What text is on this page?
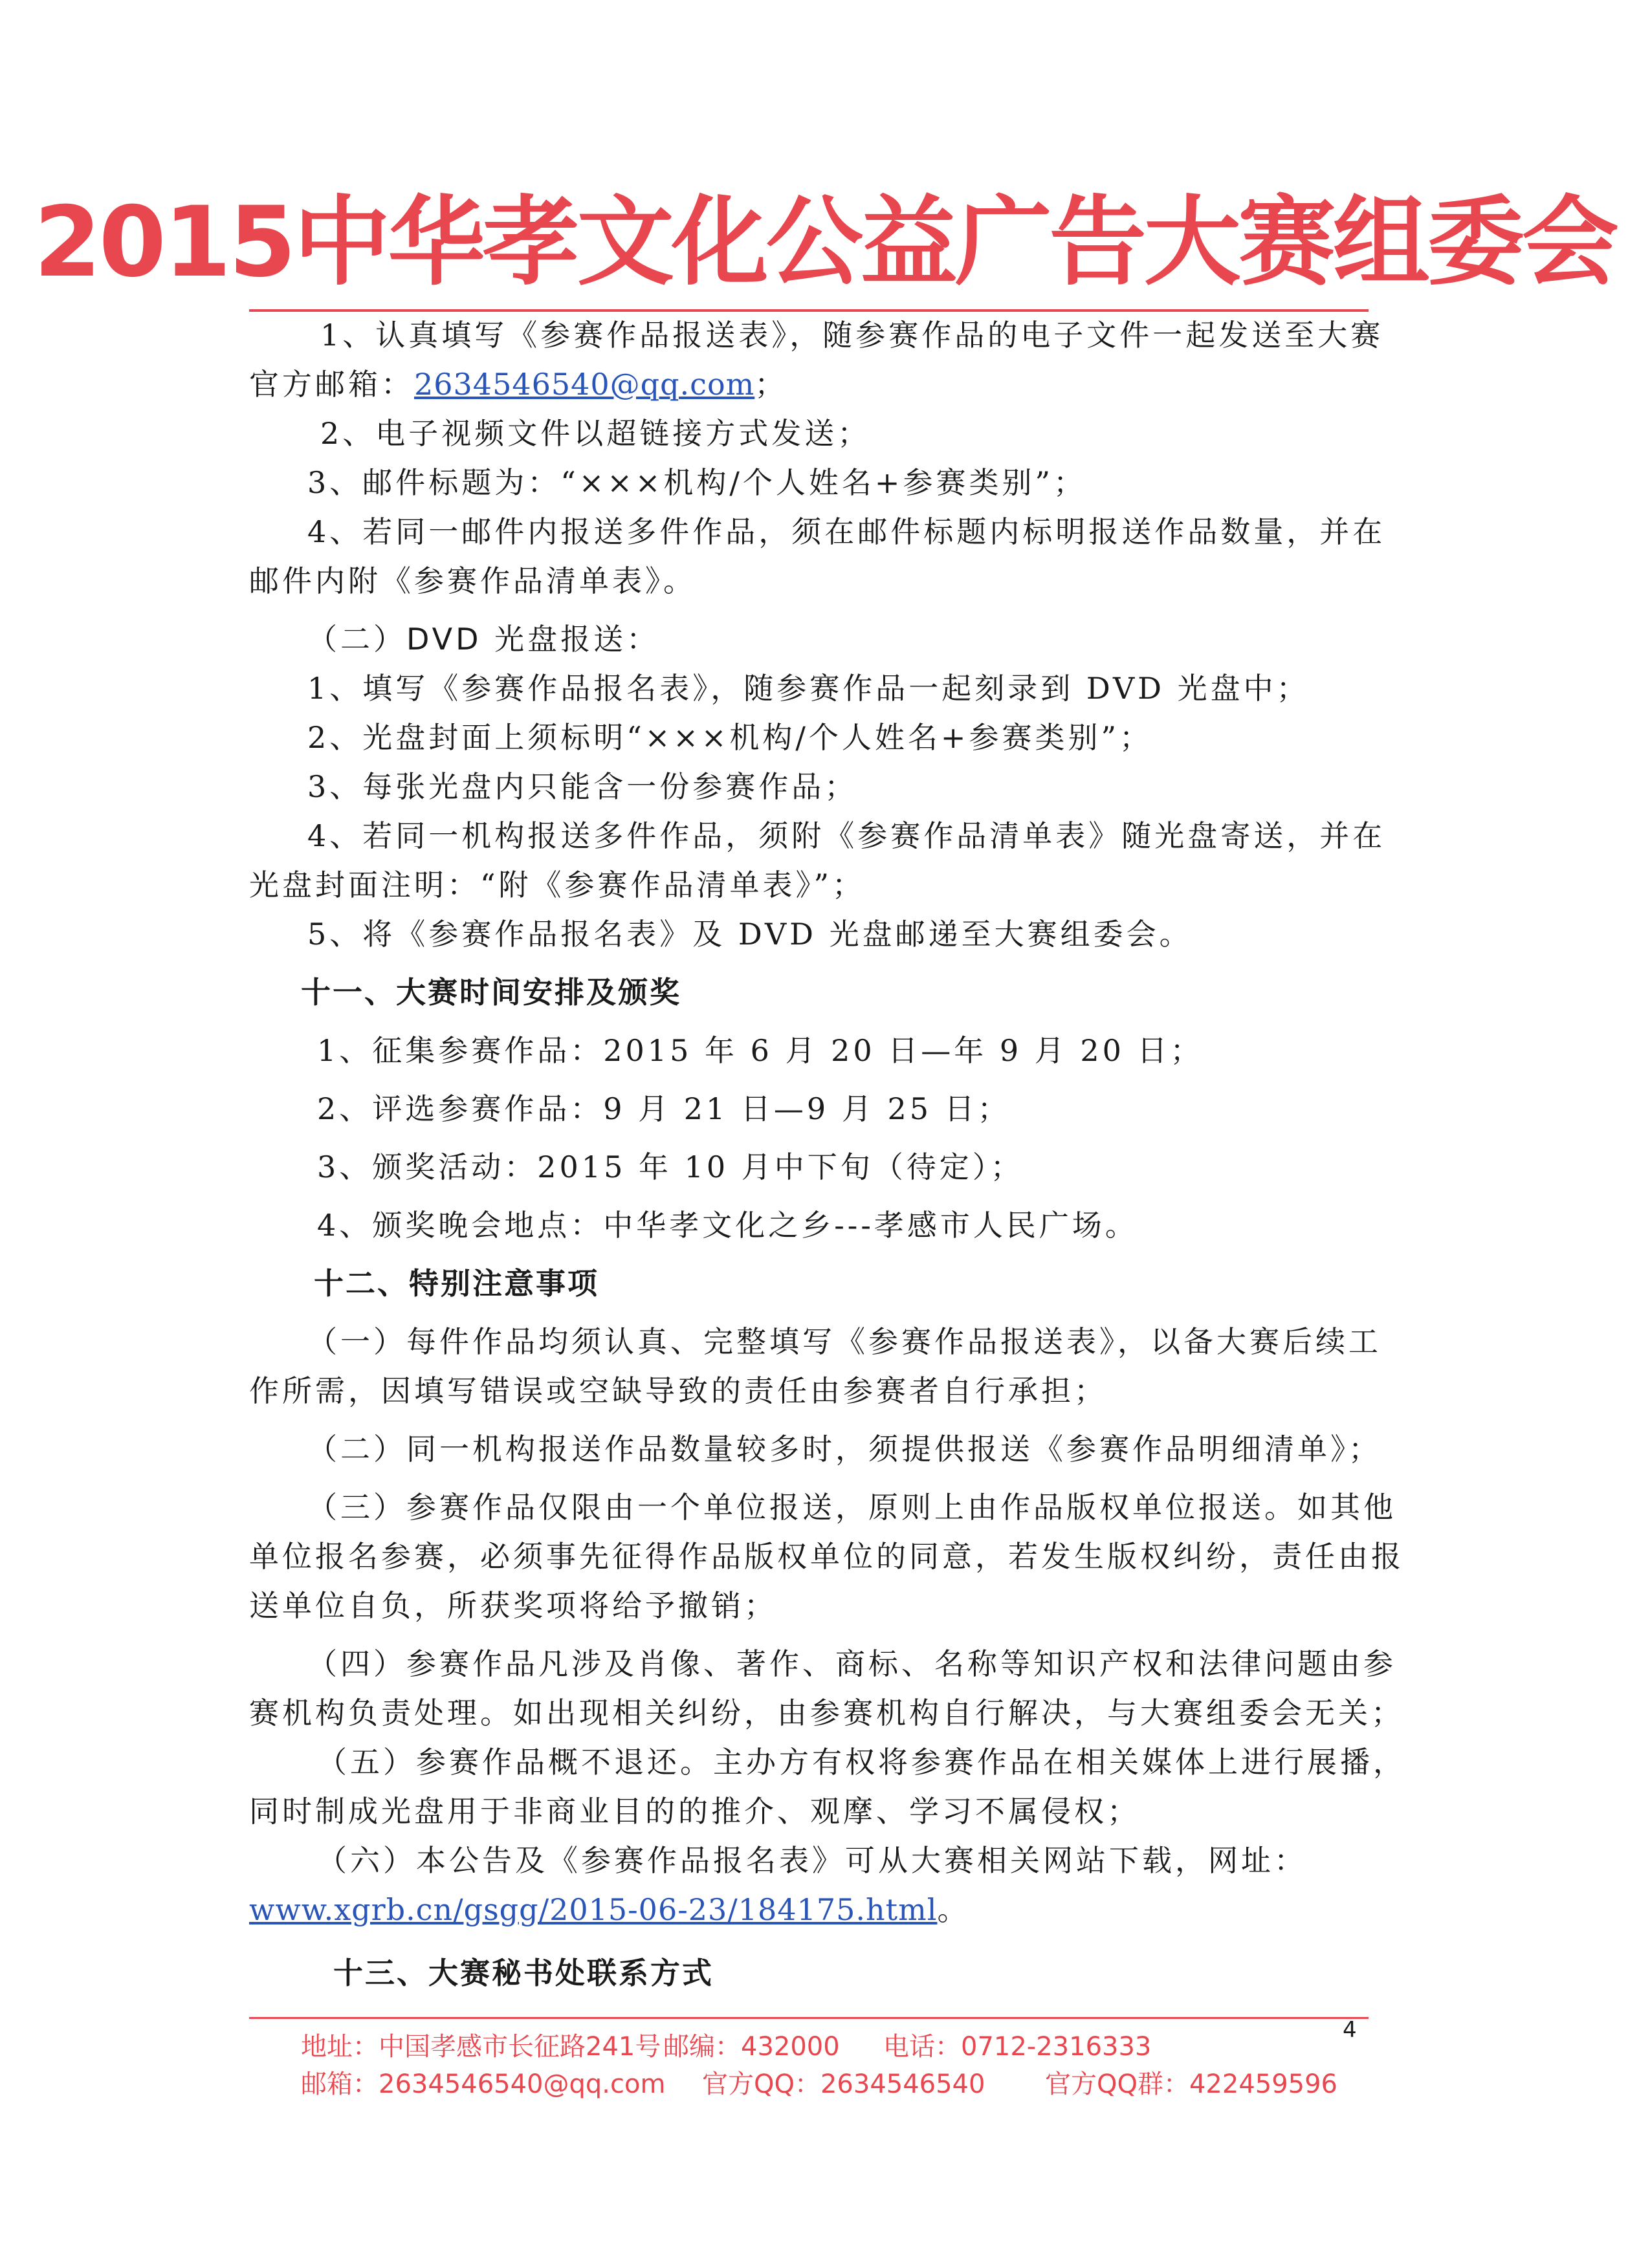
2015中华孝文化公益广告大赛组委会
1、认真填写《参赛作品报送表》，随参赛作品的电子文件一起发送至大赛
官方邮箱：2634546540@qq.com；
2、电子视频文件以超链接方式发送；
3、邮件标题为：“×××机构/个人姓名+参赛类别”；
4、若同一邮件内报送多件作品，须在邮件标题内标明报送作品数量，并在
邮件内附《参赛作品清单表》。
（二）DVD 光盘报送：
1、填写《参赛作品报名表》，随参赛作品一起刻录到 DVD 光盘中；
2、光盘封面上须标明“×××机构/个人姓名+参赛类别”；
3、每张光盘内只能含一份参赛作品；
4、若同一机构报送多件作品，须附《参赛作品清单表》随光盘寄送，并在
光盘封面注明：“附《参赛作品清单表》”；
5、将《参赛作品报名表》及 DVD 光盘邮递至大赛组委会。
十一、大赛时间安排及颁奖
1、征集参赛作品：2015 年 6 月 20 日—年 9 月 20 日；
2、评选参赛作品：9 月 21 日—9 月 25 日；
3、颁奖活动：2015 年 10 月中下旬（待定）；
4、颁奖晚会地点：中华孝文化之乡---孝感市人民广场。
十二、特别注意事项
（一）每件作品均须认真、完整填写《参赛作品报送表》，以备大赛后续工
作所需，因填写错误或空缺导致的责任由参赛者自行承担；
（二）同一机构报送作品数量较多时，须提供报送《参赛作品明细清单》；
（三）参赛作品仅限由一个单位报送，原则上由作品版权单位报送。如其他
单位报名参赛，必须事先征得作品版权单位的同意，若发生版权纠纷，责任由报
送单位自负，所获奖项将给予撤销；
（四）参赛作品凡涉及肖像、著作、商标、名称等知识产权和法律问题由参
赛机构负责处理。如出现相关纠纷，由参赛机构自行解决，与大赛组委会无关；
（五）参赛作品概不退还。主办方有权将参赛作品在相关媒体上进行展播，
同时制成光盘用于非商业目的的推介、观摩、学习不属侵权；
（六）本公告及《参赛作品报名表》可从大赛相关网站下载，网址：
www.xgrb.cn/gsgg/2015-06-23/184175.html。
十三、大赛秘书处联系方式
4
地址：中国孝感市长征路241号邮编：432000 电话：0712-2316333
邮箱：2634546540@qq.com 官方QQ：2634546540 官方QQ群：422459596
